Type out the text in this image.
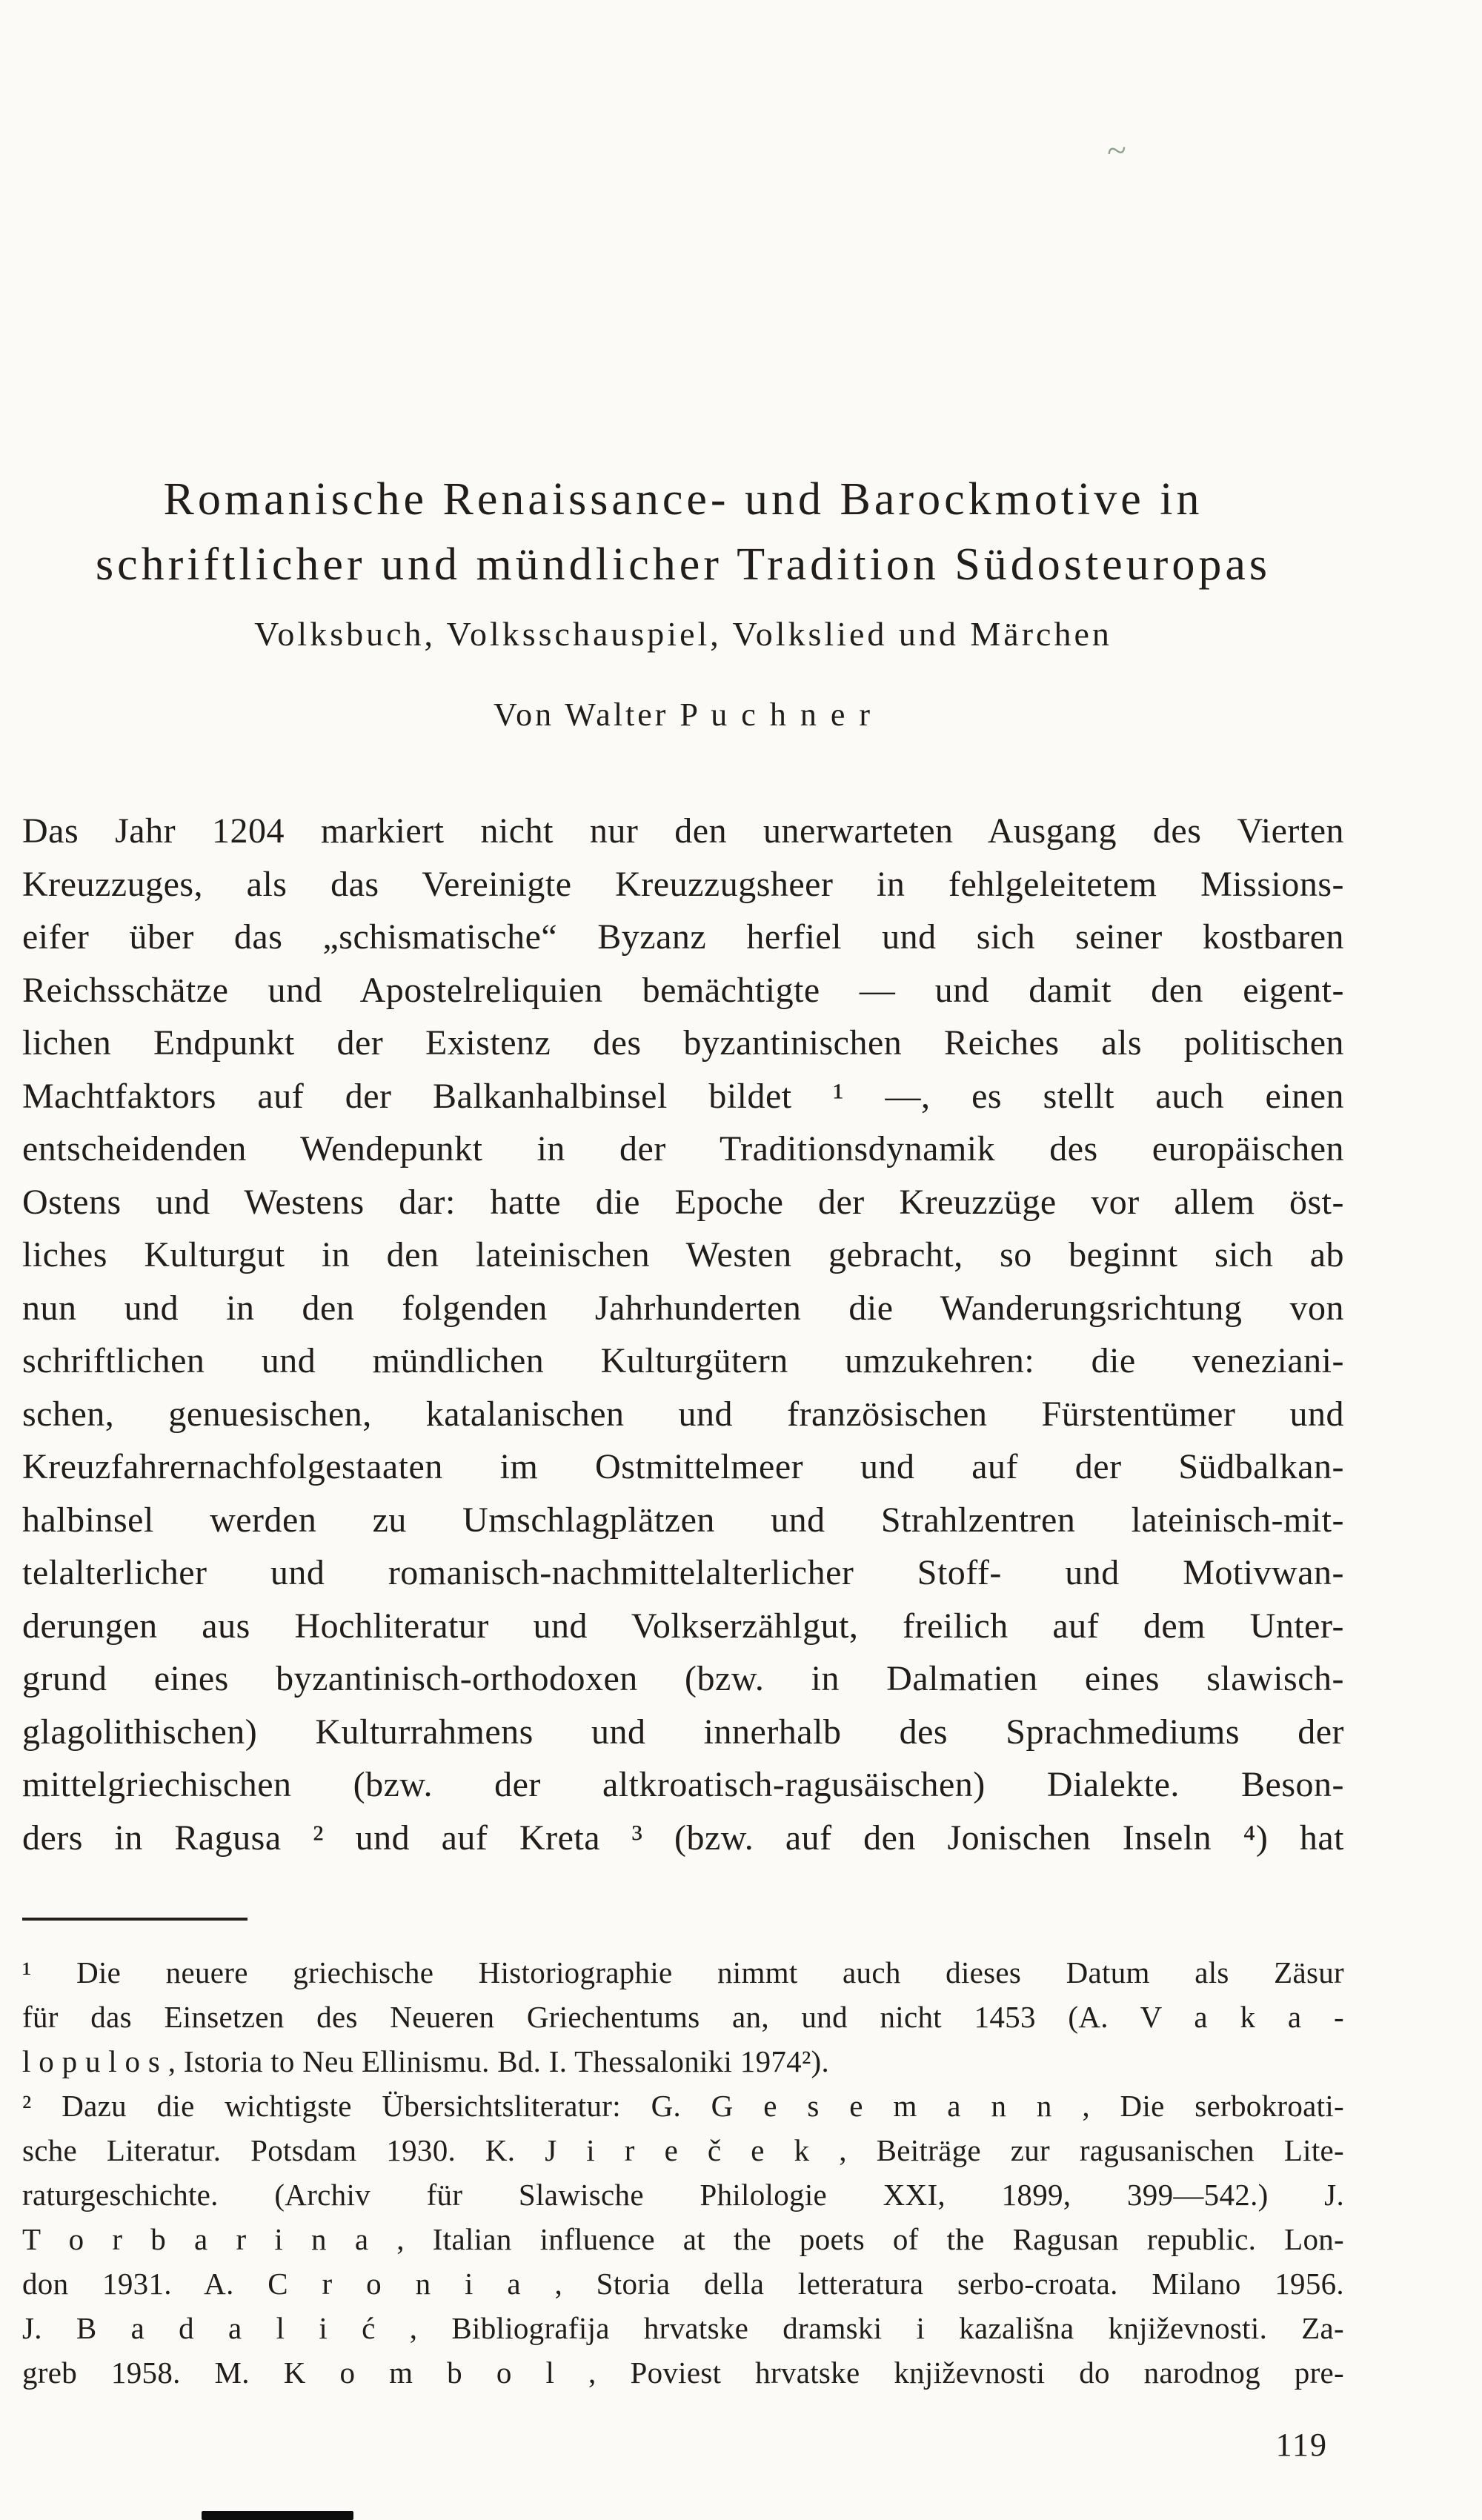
~
Romanische Renaissance- und Barockmotive in
schriftlicher und mündlicher Tradition Südosteuropas
Volksbuch, Volksschauspiel, Volkslied und Märchen
Von Walter P u c h n e r
Das Jahr 1204 markiert nicht nur den unerwarteten Ausgang des Vierten
Kreuzzuges, als das Vereinigte Kreuzzugsheer in fehlgeleitetem Missions-
eifer über das „schismatische“ Byzanz herfiel und sich seiner kostbaren
Reichsschätze und Apostelreliquien bemächtigte — und damit den eigent-
lichen Endpunkt der Existenz des byzantinischen Reiches als politischen
Machtfaktors auf der Balkanhalbinsel bildet ¹ —, es stellt auch einen
entscheidenden Wendepunkt in der Traditionsdynamik des europäischen
Ostens und Westens dar: hatte die Epoche der Kreuzzüge vor allem öst-
liches Kulturgut in den lateinischen Westen gebracht, so beginnt sich ab
nun und in den folgenden Jahrhunderten die Wanderungsrichtung von
schriftlichen und mündlichen Kulturgütern umzukehren: die veneziani-
schen, genuesischen, katalanischen und französischen Fürstentümer und
Kreuzfahrernachfolgestaaten im Ostmittelmeer und auf der Südbalkan-
halbinsel werden zu Umschlagplätzen und Strahlzentren lateinisch-mit-
telalterlicher und romanisch-nachmittelalterlicher Stoff- und Motivwan-
derungen aus Hochliteratur und Volkserzählgut, freilich auf dem Unter-
grund eines byzantinisch-orthodoxen (bzw. in Dalmatien eines slawisch-
glagolithischen) Kulturrahmens und innerhalb des Sprachmediums der
mittelgriechischen (bzw. der altkroatisch-ragusäischen) Dialekte. Beson-
ders in Ragusa ² und auf Kreta ³ (bzw. auf den Jonischen Inseln ⁴) hat
¹ Die neuere griechische Historiographie nimmt auch dieses Datum als Zäsur
für das Einsetzen des Neueren Griechentums an, und nicht 1453 (A. V a k a -
l o p u l o s , Istoria to Neu Ellinismu. Bd. I. Thessaloniki 1974²).
² Dazu die wichtigste Übersichtsliteratur: G. G e s e m a n n , Die serbokroati-
sche Literatur. Potsdam 1930. K. J i r e č e k , Beiträge zur ragusanischen Lite-
raturgeschichte. (Archiv für Slawische Philologie XXI, 1899, 399—542.) J.
T o r b a r i n a , Italian influence at the poets of the Ragusan republic. Lon-
don 1931. A. C r o n i a , Storia della letteratura serbo-croata. Milano 1956.
J. B a d a l i ć , Bibliografija hrvatske dramski i kazališna književnosti. Za-
greb 1958. M. K o m b o l , Poviest hrvatske književnosti do narodnog pre-
119
